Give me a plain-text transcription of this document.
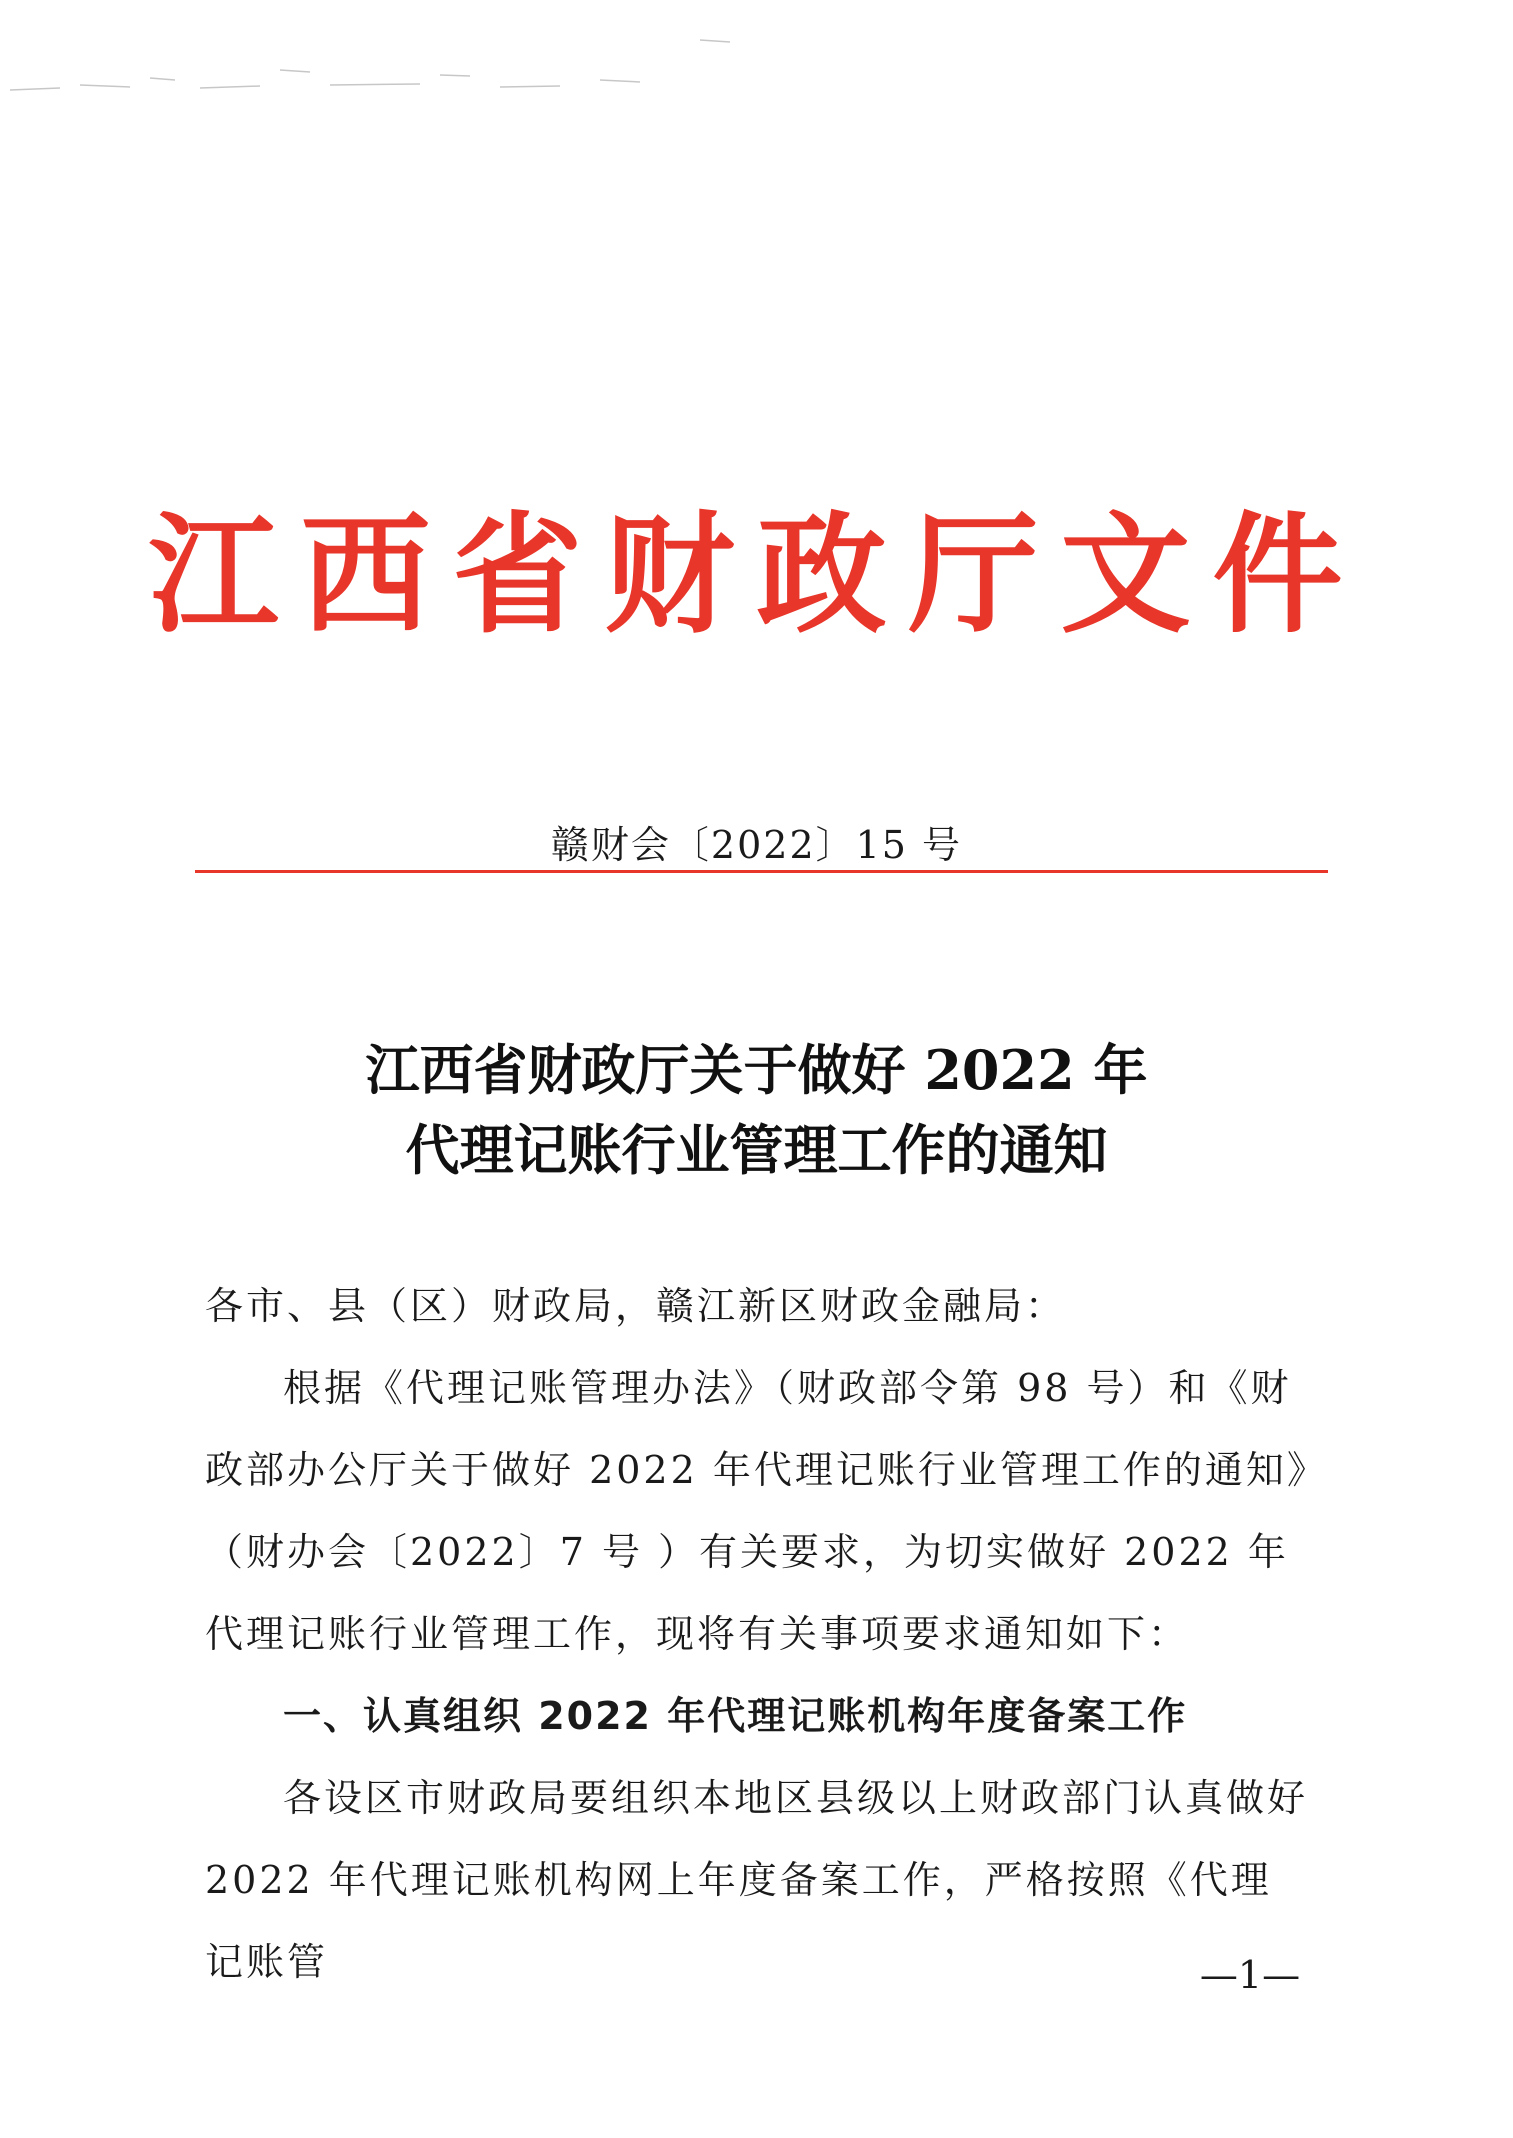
江西省财政厅文件
赣财会〔2022〕15 号
江西省财政厅关于做好 2022 年
代理记账行业管理工作的通知

各市、县（区）财政局，赣江新区财政金融局：

根据《代理记账管理办法》（财政部令第 98 号）和《财政部办公厅关于做好 2022 年代理记账行业管理工作的通知》（财办会〔2022〕7 号 ）有关要求，为切实做好 2022 年代理记账行业管理工作，现将有关事项要求通知如下：

一、认真组织 2022 年代理记账机构年度备案工作

各设区市财政局要组织本地区县级以上财政部门认真做好 2022 年代理记账机构网上年度备案工作，严格按照《代理记账管	—1—
